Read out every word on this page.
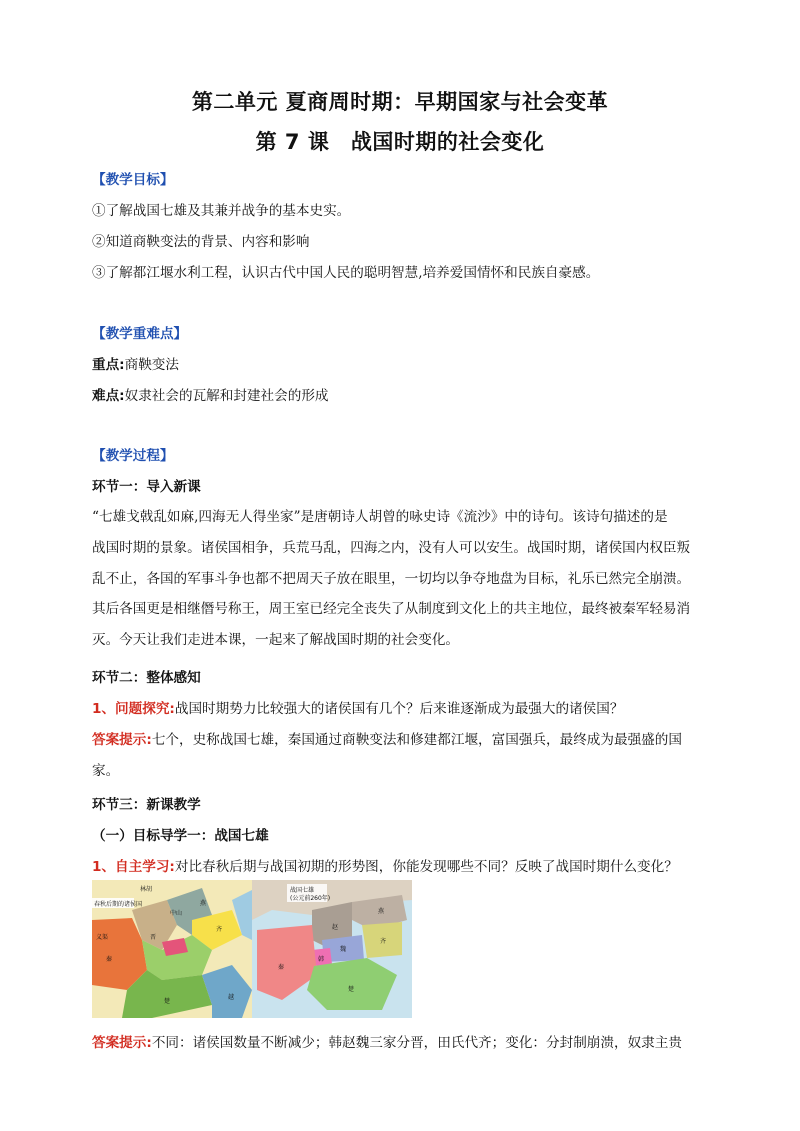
第二单元 夏商周时期：早期国家与社会变革
第 7 课　战国时期的社会变化
【教学目标】
①了解战国七雄及其兼并战争的基本史实。
②知道商鞅变法的背景、内容和影响
③了解都江堰水利工程，认识古代中国人民的聪明智慧,培养爱国情怀和民族自豪感。
【教学重难点】
重点:商鞅变法
难点:奴隶社会的瓦解和封建社会的形成
【教学过程】
环节一：导入新课

“七雄戈戟乱如麻,四海无人得坐家”是唐朝诗人胡曾的咏史诗《流沙》中的诗句。该诗句描述的是

战国时期的景象。诸侯国相争，兵荒马乱，四海之内，没有人可以安生。战国时期，诸侯国内权臣叛

乱不止，各国的军事斗争也都不把周天子放在眼里，一切均以争夺地盘为目标，礼乐已然完全崩溃。

其后各国更是相继僭号称王，周王室已经完全丧失了从制度到文化上的共主地位，最终被秦军轻易消

灭。今天让我们走进本课，一起来了解战国时期的社会变化。

环节二：整体感知
1、问题探究:战国时期势力比较强大的诸侯国有几个？后来谁逐渐成为最强大的诸侯国？
答案提示:七个，史称战国七雄，秦国通过商鞅变法和修建都江堰，富国强兵，最终成为最强盛的国
家。
环节三：新课教学
（一）目标导学一：战国七雄
1、自主学习:对比春秋后期与战国初期的形势图，你能发现哪些不同？反映了战国时期什么变化？
春秋后期的诸侯国
林胡
中山
燕
晋
齐
秦
楚
越
义渠
战国七雄
(公元前260年)
燕
赵
齐
魏
韩
秦
楚
答案提示:不同：诸侯国数量不断减少；韩赵魏三家分晋，田氏代齐；变化：分封制崩溃，奴隶主贵
